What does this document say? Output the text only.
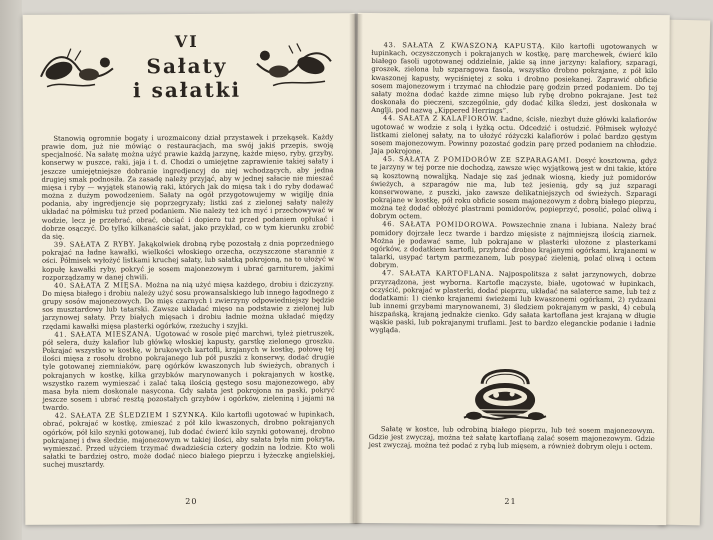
VI
Sałaty
i sałatki

Stanowią ogromnie bogaty i urozmaicony dział przystawek i przekąsek. Każdy prawie dom, już nie mówiąc o restauracjach, ma swój jakiś przepis, swoją specjalność. Na sałatę można użyć prawie każdą jarzynę, każde mięso, ryby, grzyby, konserwy w puszce, raki, jaja i t. d. Chodzi o umiejętne zaprawienie takiej sałaty i jeszcze umiejętniejsze dobranie ingredjencyj do niej wchodzących, aby jedna drugiej smak podnosiła. Za zasadę należy przyjąć, aby w jednej sałacie nie mieszać mięsa i ryby — wyjątek stanowią raki, których jak do mięsa tak i do ryby dodawać można z dużym powodzeniem. Sałaty na ogół przygotowujemy w wigilję dnia podania, aby ingredjencje się poprzegryzały; listki zaś z zielonej sałaty należy układać na półmisku tuż przed podaniem. Nie należy też ich myć i przechowywać w wodzie, lecz je przebrać, obrać, obciąć i dopiero tuż przed podaniem opłukać i dobrze osączyć. Do tylko kilkanaście sałat, jako przykład, co w tym kierunku zrobić da się.

39. SAŁATA Z RYBY. Jakąkolwiek drobną rybę pozostałą z dnia poprzedniego pokrajać na ładne kawałki, wielkości włoskiego orzecha, oczyszczone starannie z ości. Półmisek wyłożyć listkami kruchej sałaty, lub sałatką pokrojoną, na to ułożyć w kopułę kawałki ryby, pokryć je sosem majonezowym i ubrać garniturem, jakimi rozporządzamy w danej chwili.

40. SAŁATA Z MIĘSA. Można na nią użyć mięsa każdego, drobiu i dziczyzny. Do mięsa białego i drobiu należy użyć sosu prowansalskiego lub innego łagodnego z grupy sosów majonezowych. Do mięs czarnych i zwierzyny odpowiedniejszy będzie sos musztardowy lub tatarski. Zawsze układać mięso na podstawie z zielonej lub jarzynowej sałaty. Przy białych mięsach i drobiu ładnie można układać między rzędami kawałki mięsa plasterki ogórków, rzeżuchy i szyjki.

41. SAŁATA MIESZANA. Ugotować w rosole pięć marchwi, tyleż pietruszek, pół selera, duży kalafior lub główkę włoskiej kapusty, garstkę zielonego groszku. Pokrajać wszystko w kostkę, w brukowych kartofli, krajanych w kostkę, połowę tej ilości mięsa z rosołu drobno pokrajanego lub pół puszki z konserwy, dodać drugie tyle gotowanej ziemniaków, parę ogórków kwaszonych lub świeżych, obranych i pokrajanych w kostkę, kilka grzybków marynowanych i pokrajanych w kostkę, wszystko razem wymieszać i zalać taką ilością gęstego sosu majonezowego, aby masa była niem doskonale nasycona. Gdy sałata jest pokrojona na paski, pokryć jeszcze sosem i ubrać resztą pozostałych grzybów i ogórków, zieleniną i jajami na twardo.

42. SAŁATA ZE ŚLEDZIEM I SZYNKĄ. Kilo kartofli ugotować w łupinkach, obrać, pokrajać w kostkę, zmieszać z pół kilo kwaszonych, drobno pokrajanych ogórków, pół kilo szynki gotowanej, lub dodać ćwierć kilo szynki gotowanej, drobno pokrajanej i dwa śledzie, majonezowym w takiej ilości, aby sałata była nim pokryta, wymieszać. Przed użyciem trzymać dwadzieścia cztery godzin na lodzie. Kto woli sałatki te bardziej ostro, może dodać nieco białego pieprzu i łyżeczkę angielskiej, suchej musztardy.

20

43. SAŁATA Z KWASZONĄ KAPUSTĄ. Kilo kartofli ugotowanych w łupinkach, oczyszczonych i pokrajanych w kostkę, parę marchewek, ćwierć kilo białego fasoli ugotowanej oddzielnie, jakie są inne jarzyny: kalafiory, szparagi, groszek, zielona lub szparagowa fasola, wszystko drobno pokrajane, z pół kilo kwaszonej kapusty, wyciśniętej z soku i drobno posiekanej. Zaprawić obficie sosem majonezowym i trzymać na chłodzie parę godzin przed podaniem. Do tej sałaty można dodać każde zimne mięso lub rybę drobno pokrajane. Jest też doskonała do pieczeni, szczególnie, gdy dodać kilka śledzi, jest doskonała w Anglji, pod nazwą „Kippered Herrings”.

44. SAŁATA Z KALAFIORÓW. Ładne, ścisłe, niezbyt duże główki kalafiorów ugotować w wodzie z solą i łyżką octu. Odcedzić i ostudzić. Półmisek wyłożyć listkami zielonej sałaty, na to ułożyć różyczki kalafiorów i polać bardzo gęstym sosem majonezowym. Powinny pozostać godzin parę przed podaniem na chłodzie. Jaja pokrojone.

45. SAŁATA Z POMIDORÓW ZE SZPARAGAMI. Dosyć kosztowna, gdyż te jarzyny w tej porze nie dochodzą, zawsze więc wyjątkową jest w dni takie, które są kosztowną nowalijką. Nadaje się zaś jednak wiosną, kiedy już pomidorów świeżych, a szparagów nie ma, lub też jesienią, gdy są już szparagi konserwowane, z puszki, jako zawsze delikatniejszych od świeżych. Szparagi pokrajane w kostkę, pół roku obficie sosem majonezowym z dobrą białego pieprzu, można też dodać obłożyć plastrami pomidorów, popieprzyć, posolić, polać oliwą i dobrym octem.

46. SAŁATA POMIDOROWA. Powszechnie znana i lubiana. Należy brać pomidory dojrzałe lecz twarde i bardzo mięsiste z najmniejszą ilością ziarnek. Można je podawać same, lub pokrajane w plasterki ułożone z plasterkami ogórków, z dodatkiem kartofli, przybrać drobno krajanymi ogórkami, krajanemi w talarki, usypać tartym parmezanem, lub posypać zielenią, polać oliwą i octem dobrym.

47. SAŁATA KARTOFLANA. Najpospolitsza z sałat jarzynowych, dobrze przyrządzona, jest wyborna. Kartofle mączyste, białe, ugotować w łupinkach, oczyścić, pokrajać w plasterki, dodać pieprzu, układać na salaterce same, lub też z dodatkami: 1) cienko krajanemi świeżemi lub kwaszonemi ogórkami, 2) rydzami lub innemi grzybami marynowanemi, 3) śledziem pokrajanym w paski, 4) cebulą hiszpańską, krajaną jednakże cienko. Gdy sałata kartoflana jest krajaną w długie wąskie paski, lub pokrajanymi truflami. Jest to bardzo eleganckie podanie i ładnie wygląda.

Sałatę w kostce, lub odrobiną białego pieprzu, lub też sosem majonezowym. Gdzie jest zwyczaj, można też sałatę kartoflaną zalać sosem majonezowym. Gdzie jest zwyczaj, można też podać z rybą lub mięsem, a również dobrym oleju i octem.

21
